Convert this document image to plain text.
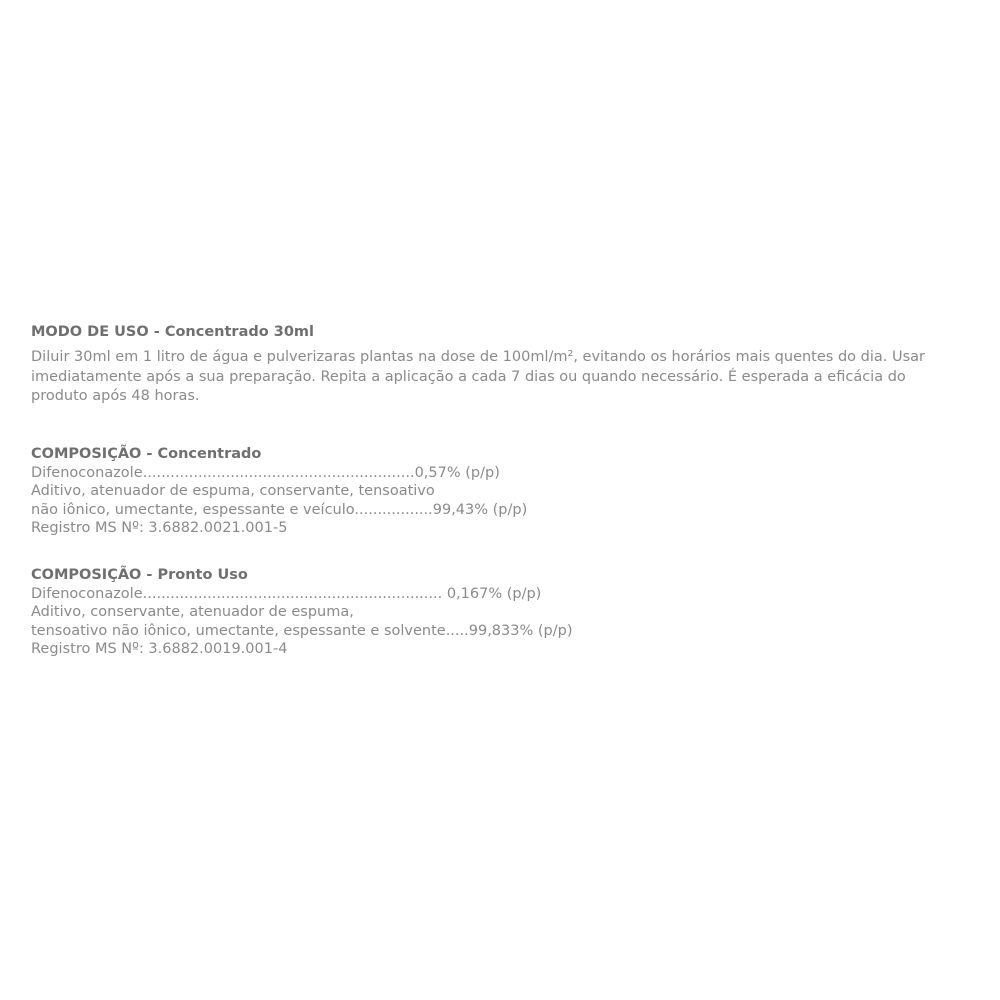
MODO DE USO - Concentrado 30ml

Diluir 30ml em 1 litro de água e pulverizaras plantas na dose de 100ml/m², evitando os horários mais quentes do dia. Usar
imediatamente após a sua preparação. Repita a aplicação a cada 7 dias ou quando necessário. É esperada a eficácia do
produto após 48 horas.

COMPOSIÇÃO - Concentrado
Difenoconazole...........................................................0,57% (p/p)
Aditivo, atenuador de espuma, conservante, tensoativo
não iônico, umectante, espessante e veículo.................99,43% (p/p)
Registro MS Nº: 3.6882.0021.001-5
COMPOSIÇÃO - Pronto Uso
Difenoconazole................................................................. 0,167% (p/p)
Aditivo, conservante, atenuador de espuma,
tensoativo não iônico, umectante, espessante e solvente.....99,833% (p/p)
Registro MS Nº: 3.6882.0019.001-4
